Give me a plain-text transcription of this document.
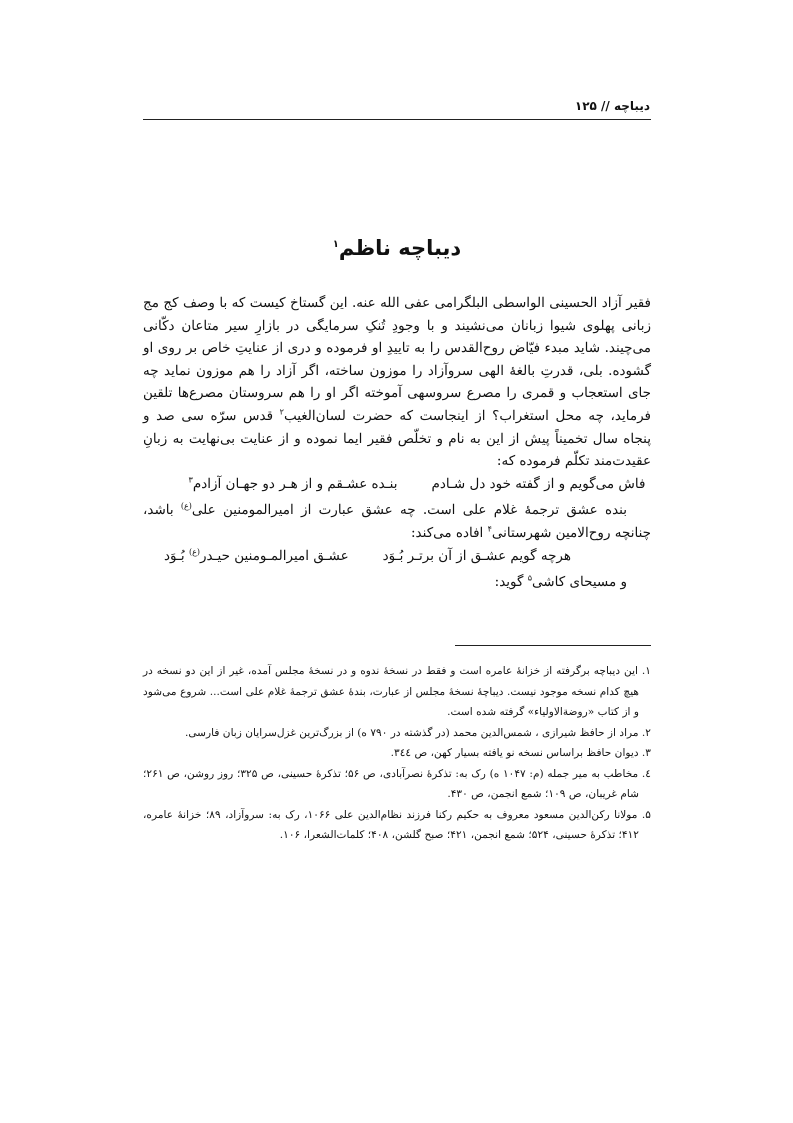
دیباچه // ۱۲۵
دیباچه ناظم$^۱$

فقیر آزاد الحسینی الواسطی البلگرامی عفی الله عنه. این گستاخ کیست که با وصف کج مج زبانی پهلوی شیوا زبانان می‌نشیند و با وجودِ تُنکِ سرمایگی در بازارِ سیر متاعان دکّانی می‌چیند. شاید مبدء فیّاض روح‌القدس را به تاییدِ او فرموده و دری از عنایتِ خاص بر روی او گشوده. بلی، قدرتِ بالغهٔ الهی سروآزاد را موزون ساخته، اگر آزاد را هم موزون نماید چه جای استعجاب و قمری را مصرع سروسهی آموخته اگر او را هم سروستان مصرع‌ها تلقین فرماید، چه محل استغراب؟ از اینجاست که حضرت لسان‌الغیب$^۲$ قدس سرّه سی صد و پنجاه سال تخمیناً پیش از این به نام و تخلّص فقیر ایما نموده و از عنایت بی‌نهایت به زبانِ عقیدت‌مند تکلّم فرموده که:

فاش می‌گویم و از گفته خود دل شـادم
بنـده عشـقم و از هـر دو جهـان آزادم$^۳$

بنده عشق ترجمهٔ غلام علی است. چه عشق عبارت از امیرالمومنین علی$^{(ع)}$ باشد، چنانچه روح‌الامین شهرستانی$^۴$ افاده می‌کند:

هرچه گویم عشـق از آن برتـر بُـوَد
عشـق امیرالمـومنین حیـدر$^{(ع)}$ بُـوَد

و مسیحای کاشی$^۵$ گوید:

۱. این دیباچه برگرفته از خزانهٔ عامره است و فقط در نسخهٔ ندوه و در نسخهٔ مجلس آمده، غیر از این دو نسخه در هیچ کدام نسخه موجود نیست. دیباچهٔ نسخهٔ مجلس از عبارت، بندهٔ عشق ترجمهٔ غلام علی است... شروع می‌شود و از کتاب «روضةالاولیاء» گرفته شده است.

۲. مراد از حافظ شیرازی ، شمس‌الدین محمد (در گذشته در ۷۹۰ ه) از بزرگ‌ترین غزل‌سرایان زبان فارسی.

۳. دیوان حافظ براساس نسخه نو یافته بسیار کهن، ص ۳٤٤.

٤. مخاطب به میر جمله (م: ۱۰۴۷ ه) رک به: تذکرهٔ نصرآبادی، ص ۵۶؛ تذکرهٔ حسینی، ص ۳۲۵؛ روز روشن، ص ۲۶۱؛ شام غریبان، ص ۱۰۹؛ شمع انجمن، ص ۴۳۰.

۵. مولانا رکن‌الدین مسعود معروف به حکیم رکنا فرزند نظام‌الدین علی ۱۰۶۶، رک به: سروآزاد، ۸۹؛ خزانهٔ عامره، ۴۱۲؛ تذکرهٔ حسینی، ۵۲۴؛ شمع انجمن، ۴۲۱؛ صبح گلشن، ۴۰۸؛ کلمات‌الشعرا، ۱۰۶.
